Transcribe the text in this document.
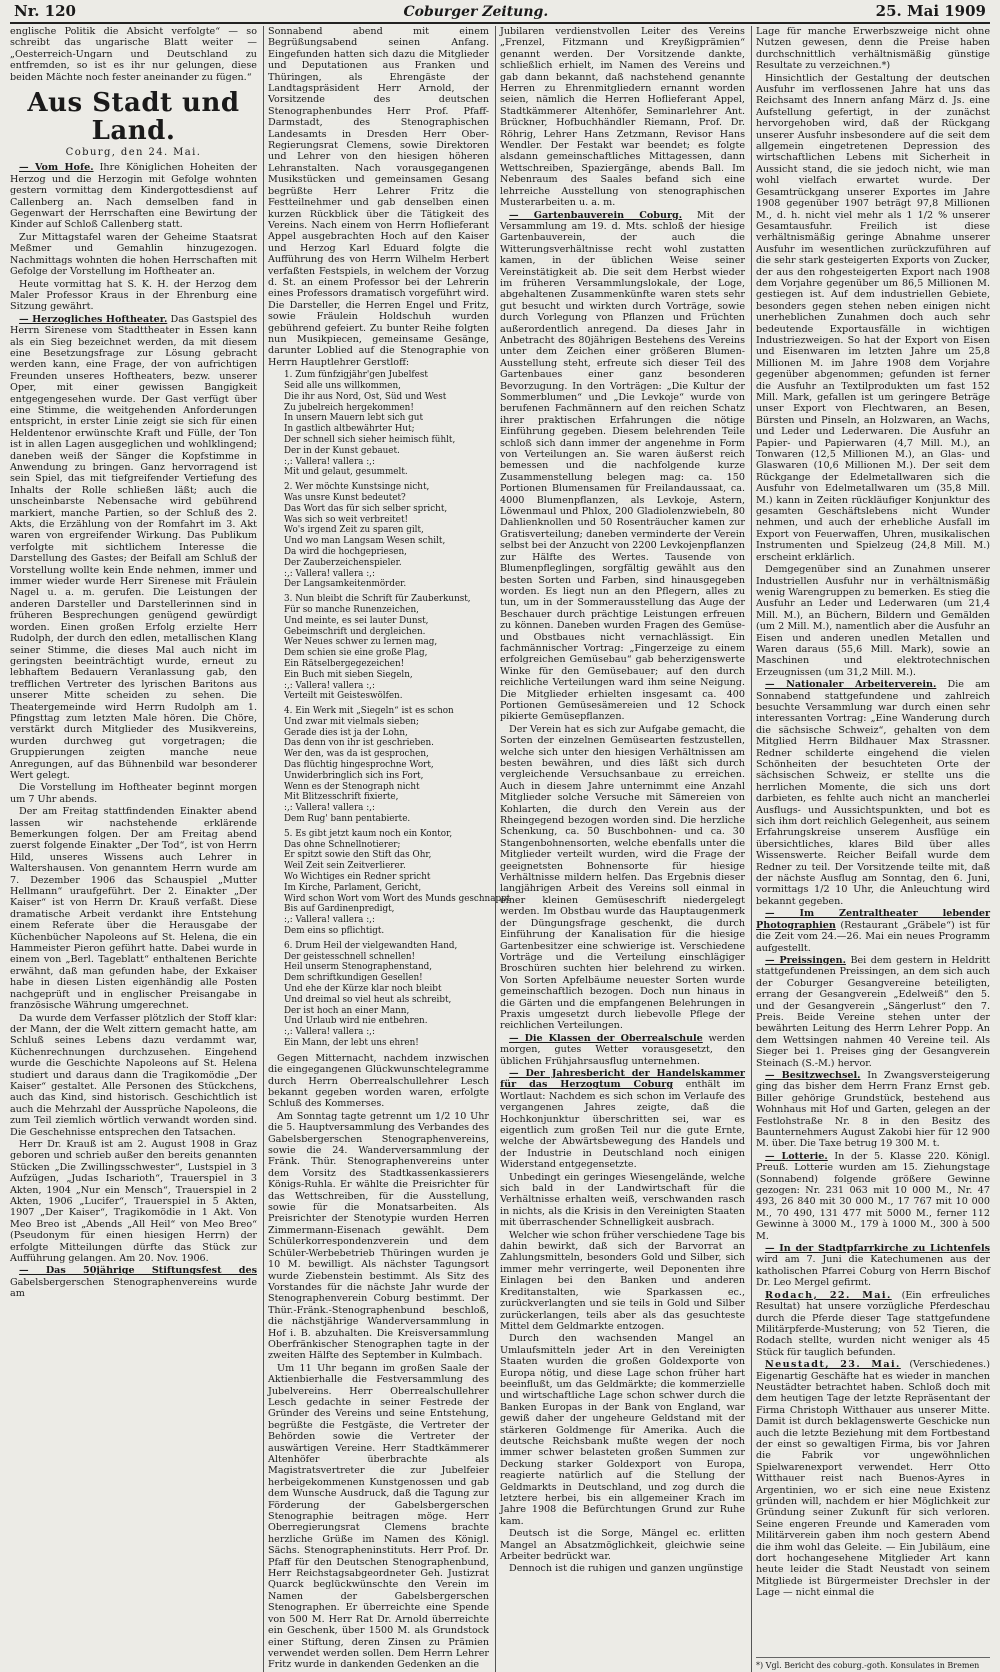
Nr. 120	Coburger Zeitung.	25. Mai 1909

englische Politik die Absicht verfolgte“ — so schreibt das ungarische Blatt weiter — „Oesterreich-Ungarn und Deutschland zu entfremden, so ist es ihr nur gelungen, diese beiden Mächte noch fester aneinander zu fügen.“

Aus Stadt und Land.
Coburg, den 24. Mai.

— Vom Hofe. Ihre Königlichen Hoheiten der Herzog und die Herzogin mit Gefolge wohnten gestern vormittag dem Kindergottesdienst auf Callenberg an. Nach demselben fand in Gegenwart der Herrschaften eine Bewirtung der Kinder auf Schloß Callenberg statt.

Zur Mittagstafel waren der Geheime Staatsrat Meßmer und Gemahlin hinzugezogen. Nachmittags wohnten die hohen Herrschaften mit Gefolge der Vorstellung im Hoftheater an.

Heute vormittag hat S. K. H. der Herzog dem Maler Professor Kraus in der Ehrenburg eine Sitzung gewährt.

— Herzogliches Hoftheater. Das Gastspiel des Herrn Sirenese vom Stadttheater in Essen kann als ein Sieg bezeichnet werden, da mit diesem eine Besetzungsfrage zur Lösung gebracht werden kann, eine Frage, der von aufrichtigen Freunden unseres Hoftheaters, bezw. unserer Oper, mit einer gewissen Bangigkeit entgegengesehen wurde. Der Gast verfügt über eine Stimme, die weitgehenden Anforderungen entspricht, in erster Linie zeigt sie sich für einen Heldentenor erwünschte Kraft und Fülle, der Ton ist in allen Lagen ausgeglichen und wohlklingend; daneben weiß der Sänger die Kopfstimme in Anwendung zu bringen. Ganz hervorragend ist sein Spiel, das mit tiefgreifender Vertiefung des Inhalts der Rolle schließen läßt; auch die unscheinbarste Nebensache wird gebührend markiert, manche Partien, so der Schluß des 2. Akts, die Erzählung von der Romfahrt im 3. Akt waren von ergreifender Wirkung. Das Publikum verfolgte mit sichtlichem Interesse die Darstellung des Gastes; der Beifall am Schluß der Vorstellung wollte kein Ende nehmen, immer und immer wieder wurde Herr Sirenese mit Fräulein Nagel u. a. m. gerufen. Die Leistungen der anderen Darsteller und Darstellerinnen sind in früheren Besprechungen genügend gewürdigt worden. Einen großen Erfolg erzielte Herr Rudolph, der durch den edlen, metallischen Klang seiner Stimme, die dieses Mal auch nicht im geringsten beeinträchtigt wurde, erneut zu lebhaftem Bedauern Veranlassung gab, den trefflichen Vertreter des lyrischen Baritons aus unserer Mitte scheiden zu sehen. Die Theatergemeinde wird Herrn Rudolph am 1. Pfingsttag zum letzten Male hören. Die Chöre, verstärkt durch Mitglieder des Musikvereins, wurden durchweg gut vorgetragen; die Gruppierungen zeigten manche neue Anregungen, auf das Bühnenbild war besonderer Wert gelegt.

Die Vorstellung im Hoftheater beginnt morgen um 7 Uhr abends.

Der am Freitag stattfindenden Einakter abend lassen wir nachstehende erklärende Bemerkungen folgen. Der am Freitag abend zuerst folgende Einakter „Der Tod“, ist von Herrn Hild, unseres Wissens auch Lehrer in Waltershausen. Von genanntem Herrn wurde am 7. Dezember 1906 das Schauspiel „Mutter Hellmann“ uraufgeführt. Der 2. Einakter „Der Kaiser“ ist von Herrn Dr. Krauß verfaßt. Diese dramatische Arbeit verdankt ihre Entstehung einem Referate über die Herausgabe der Küchenbücher Napoleons auf St. Helena, die ein Hammeister Pieron geführt hatte. Dabei wurde in einem von „Berl. Tageblatt“ enthaltenen Berichte erwähnt, daß man gefunden habe, der Exkaiser habe in diesen Listen eigenhändig alle Posten nachgeprüft und in englischer Preisangabe in französische Währung umgerechnet.

Da wurde dem Verfasser plötzlich der Stoff klar: der Mann, der die Welt zittern gemacht hatte, am Schluß seines Lebens dazu verdammt war, Küchenrechnungen durchzusehen. Eingehend wurde die Geschichte Napoleons auf St. Helena studiert und daraus dann die Tragikomödie „Der Kaiser“ gestaltet. Alle Personen des Stückchens, auch das Kind, sind historisch. Geschichtlich ist auch die Mehrzahl der Aussprüche Napoleons, die zum Teil ziemlich wörtlich verwandt worden sind. Die Geschehnisse entsprechen den Tatsachen.

Herr Dr. Krauß ist am 2. August 1908 in Graz geboren und schrieb außer den bereits genannten Stücken „Die Zwillingsschwester“, Lustspiel in 3 Aufzügen, „Judas Ischarioth“, Trauerspiel in 3 Akten, 1904 „Nur ein Mensch“, Trauerspiel in 2 Akten, 1906 „Lucifer“, Trauerspiel in 5 Akten, 1907 „Der Kaiser“, Tragikomödie in 1 Akt. Von Meo Breo ist „Abends „All Heil“ von Meo Breo“ (Pseudonym für einen hiesigen Herrn) der erfolgte Mitteilungen dürfte das Stück zur Aufführung gelangen. Am 20. Nov. 1906.

— Das 50jährige Stiftungsfest des Gabelsbergerschen Stenographenvereins wurde am

Sonnabend abend mit einem Begrüßungsabend seinen Anfang. Eingefunden hatten sich dazu die Mitglieder und Deputationen aus Franken und Thüringen, als Ehrengäste der Landtagspräsident Herr Arnold, der Vorsitzende des deutschen Stenographenbundes Herr Prof. Pfaff-Darmstadt, des Stenographischen Landesamts in Dresden Herr Ober-Regierungsrat Clemens, sowie Direktoren und Lehrer von den hiesigen höheren Lehranstalten. Nach vorausgegangenen Musikstücken und gemeinsamen Gesang begrüßte Herr Lehrer Fritz die Festteilnehmer und gab denselben einen kurzen Rückblick über die Tätigkeit des Vereins. Nach einem von Herrn Hoflieferant Appel ausgebrachten Hoch auf den Kaiser und Herzog Karl Eduard folgte die Aufführung des von Herrn Wilhelm Herbert verfaßten Festspiels, in welchem der Vorzug d. St. an einem Professor bei der Lehrerin eines Professors dramatisch vorgeführt wird. Die Darsteller, die Herren Engel und Fritz, sowie Fräulein Holdschuh wurden gebührend gefeiert. Zu bunter Reihe folgten nun Musikpiecen, gemeinsame Gesänge, darunter Loblied auf die Stenographie von Herrn Hauptlehrer Gerstloff:

1. Zum fünfzigjähr'gen Jubelfest
Seid alle uns willkommen,
Die ihr aus Nord, Ost, Süd und West
Zu jubelreich hergekommen!
In unsern Mauern lebt sich gut
In gastlich altbewährter Hut;
Der schnell sich sieher heimisch fühlt,
Der in der Kunst gebauet.
:,: Vallera! vallera :,:
Mit und gelaut, gesummelt.
2. Wer möchte Kunstsinge nicht,
Was unsre Kunst bedeutet?
Das Wort das für sich selber spricht,
Was sich so weit verbreitet!
Wo's irgend Zeit zu sparen gilt,
Und wo man Langsam Wesen schilt,
Da wird die hochgepriesen,
Der Zauberzeichenspieler.
:,: Vallera! vallera :,:
Der Langsamkeitenmörder.
3. Nun bleibt die Schrift für Zauberkunst,
Für so manche Runenzeichen,
Und meinte, es sei lauter Dunst,
Gebeimschrift und dergleichen.
Wer Neues schwer zu lernen mag,
Dem schien sie eine große Plag,
Ein Rätselbergegezeichen!
Ein Buch mit sieben Siegeln,
:,: Vallera! vallera :,:
Verteilt mit Geisteswölfen.
4. Ein Werk mit „Siegeln“ ist es schon
Und zwar mit vielmals sieben;
Gerade dies ist ja der Lohn,
Das denn von ihr ist geschrieben.
Wer den, was da ist gesprochen,
Das flüchtig hingesprochne Wort,
Unwiderbringlich sich ins Fort,
Wenn es der Stenograph nicht
Mit Blitzesschrift fixierte,
:,: Vallera! vallera :,:
Dem Rug' bann pentabierte.
5. Es gibt jetzt kaum noch ein Kontor,
Das ohne Schnellnotierer;
Er spitzt sowie den Stift das Ohr,
Weil Zeit sein Zeitverlierer.
Wo Wichtiges ein Redner spricht
Im Kirche, Parlament, Gericht,
Wird schon Wort vom Wort des Munds geschnappt
Bis auf Gardinenpredigt,
:,: Vallera! vallera :,:
Dem eins so pflichtigt.
6. Drum Heil der vielgewandten Hand,
Der geistesschnell schnellen!
Heil unserm Stenographenstand,
Dem schriftkundigen Gesellen!
Und ehe der Kürze klar noch bleibt
Und dreimal so viel heut als schreibt,
Der ist hoch an einer Mann,
Und Urlaub wird nie entbehren.
:,: Vallera! vallera :,:
Ein Mann, der lebt uns ehren!

Gegen Mitternacht, nachdem inzwischen die eingegangenen Glückwunschtelegramme durch Herrn Oberrealschullehrer Lesch bekannt gegeben worden waren, erfolgte Schluß des Kommerses.

Am Sonntag tagte getrennt um 1/2 10 Uhr die 5. Hauptversammlung des Verbandes des Gabelsbergerschen Stenographenvereins, sowie die 24. Wanderversammlung der Fränk. Thür. Stenographenvereins unter dem Vorsitz des Stadtkassenkassierers Königs-Ruhla. Er wählte die Preisrichter für das Wettschreiben, für die Ausstellung, sowie für die Monatsarbeiten. Als Preisrichter der Stenotypie wurden Herren Zimmermann-Eisenach gewählt. Dem Schülerkorrespondenzverein und dem Schüler-Werbebetrieb Thüringen wurden je 10 M. bewilligt. Als nächster Tagungsort wurde Ziebenstein bestimmt. Als Sitz des Vorstandes für die nächste Jahr wurde der Stenographenverein Coburg bestimmt. Der Thür.-Fränk.-Stenographenbund beschloß, die nächstjährige Wanderversammlung in Hof i. B. abzuhalten. Die Kreisversammlung Oberfränkischer Stenographen tagte in der zweiten Hälfte des September in Kulmbach.

Um 11 Uhr begann im großen Saale der Aktienbierhalle die Festversammlung des Jubelvereins. Herr Oberrealschullehrer Lesch gedachte in seiner Festrede der Gründer des Vereins und seine Entstehung, begrüßte die Festgäste, die Vertreter der Behörden sowie die Vertreter der auswärtigen Vereine. Herr Stadtkämmerer Altenhöfer überbrachte als Magistratsvertreter die zur Jubelfeier herbeigekommenen Kunstgenossen und gab dem Wunsche Ausdruck, daß die Tagung zur Förderung der Gabelsbergerschen Stenographie beitragen möge. Herr Oberregierungsrat Clemens brachte herzliche Grüße im Namen des Königl. Sächs. Stenographeninstituts. Herr Prof. Dr. Pfaff für den Deutschen Stenographenbund, Herr Reichstagsabgeordneter Geh. Justizrat Quarck beglückwünschte den Verein im Namen der Gabelsbergerschen Stenographen. Er überreichte eine Spende von 500 M. Herr Rat Dr. Arnold überreichte ein Geschenk, über 1500 M. als Grundstock einer Stiftung, deren Zinsen zu Prämien verwendet werden sollen. Dem Herrn Lehrer Fritz wurde in dankenden Gedenken an die

Jubilaren verdienstvollen Leiter des Vereins „Frenzel, Fitzmann und Kreyßigprämien“ genannt werden. Der Vorsitzende dankte, schließlich erhielt, im Namen des Vereins und gab dann bekannt, daß nachstehend genannte Herren zu Ehrenmitgliedern ernannt worden seien, nämlich die Herren Hoflieferant Appel, Stadtkämmerer Altenhöfer, Seminarlehrer Ant. Brückner, Hofbuchhändler Riemann, Prof. Dr. Röhrig, Lehrer Hans Zetzmann, Revisor Hans Wendler. Der Festakt war beendet; es folgte alsdann gemeinschaftliches Mittagessen, dann Wettschreiben, Spaziergänge, abends Ball. Im Nebenraum des Saales befand sich eine lehrreiche Ausstellung von stenographischen Musterarbeiten u. a. m.

— Gartenbauverein Coburg. Mit der Versammlung am 19. d. Mts. schloß der hiesige Gartenbauverein, der auch die Witterungsverhältnisse recht wohl zustatten kamen, in der üblichen Weise seiner Vereinstätigkeit ab. Die seit dem Herbst wieder im früheren Versammlungslokale, der Loge, abgehaltenen Zusammenkünfte waren stets sehr gut besucht und wirkten durch Vorträge, sowie durch Vorlegung von Pflanzen und Früchten außerordentlich anregend. Da dieses Jahr in Anbetracht des 80jährigen Bestehens des Vereins unter dem Zeichen einer größeren Blumen-Ausstellung steht, erfreute sich dieser Teil des Gartenbaues einer ganz besonderen Bevorzugung. In den Vorträgen: „Die Kultur der Sommerblumen“ und „Die Levkoje“ wurde von berufenen Fachmännern auf den reichen Schatz ihrer praktischen Erfahrungen die nötige Einführung gegeben. Diesem belehrenden Teile schloß sich dann immer der angenehme in Form von Verteilungen an. Sie waren äußerst reich bemessen und die nachfolgende kurze Zusammenstellung belegen mag: ca. 150 Portionen Blumensamen für Freilandaussaat, ca. 4000 Blumenpflanzen, als Levkoje, Astern, Löwenmaul und Phlox, 200 Gladiolenzwiebeln, 80 Dahlienknollen und 50 Rosenträucher kamen zur Gratisverteilung; daneben verminderte der Verein selbst bei der Anzucht von 2200 Levkojenpflanzen zur Hälfte des Wertes. Tausende von Blumenpfleglingen, sorgfältig gewählt aus den besten Sorten und Farben, sind hinausgegeben worden. Es liegt nun an den Pflegern, alles zu tun, um in der Sommerausstellung das Auge der Beschauer durch prächtige Leistungen erfreuen zu können. Daneben wurden Fragen des Gemüse- und Obstbaues nicht vernachlässigt. Ein fachmännischer Vortrag: „Fingerzeige zu einem erfolgreichen Gemüsebau“ gab beherzigenswerte Winke für den Gemüsebauer; auf den durch reichliche Verteilungen ward ihm seine Neigung. Die Mitglieder erhielten insgesamt ca. 400 Portionen Gemüsesämereien und 12 Schock pikierte Gemüsepflanzen.

Der Verein hat es sich zur Aufgabe gemacht, die Sorten der einzelnen Gemüsearten festzustellen, welche sich unter den hiesigen Verhältnissen am besten bewähren, und dies läßt sich durch vergleichende Versuchsanbaue zu erreichen. Auch in diesem Jahre unternimmt eine Anzahl Mitglieder solche Versuche mit Sämereien von Kohlarten, die durch den Verein aus der Rheingegend bezogen worden sind. Die herzliche Schenkung, ca. 50 Buschbohnen- und ca. 30 Stangenbohnensorten, welche ebenfalls unter die Mitglieder verteilt wurden, wird die Frage der geeignetsten Bohnensorte für hiesige Verhältnisse mildern helfen. Das Ergebnis dieser langjährigen Arbeit des Vereins soll einmal in einer kleinen Gemüseschrift niedergelegt werden. Im Obstbau wurde das Hauptaugenmerk der Düngungsfrage geschenkt, die durch Einführung der Kanalisation für die hiesige Gartenbesitzer eine schwierige ist. Verschiedene Vorträge und die Verteilung einschlägiger Broschüren suchten hier belehrend zu wirken. Von Sorten Apfelbäume neuester Sorten wurde gemeinschaftlich bezogen. Doch nun hinaus in die Gärten und die empfangenen Belehrungen in Praxis umgesetzt durch liebevolle Pflege der reichlichen Verteilungen.

— Die Klassen der Oberrealschule werden morgen, gutes Wetter vorausgesetzt, den üblichen Frühjahrsausflug unternehmen.

— Der Jahresbericht der Handelskammer für das Herzogtum Coburg enthält im Wortlaut: Nachdem es sich schon im Verlaufe des vergangenen Jahres zeigte, daß die Hochkonjunktur überschritten sei, war es eigentlich zum großen Teil nur die gute Ernte, welche der Abwärtsbewegung des Handels und der Industrie in Deutschland noch einigen Widerstand entgegensetzte.

Unbedingt ein geringes Wiesengelände, welche sich bald in der Landwirtschaft für die Verhältnisse erhalten weiß, verschwanden rasch in nichts, als die Krisis in den Vereinigten Staaten mit überraschender Schnelligkeit ausbrach.

Welcher wie schon früher verschiedene Tage bis dahin bewirkt, daß sich der Barvorrat an Zahlungsmitteln, besonders Gold und Silber, sich immer mehr verringerte, weil Deponenten ihre Einlagen bei den Banken und anderen Kreditanstalten, wie Sparkassen ec., zurückverlangten und sie teils in Gold und Silber zurückerlangen, teils aber als das gesuchteste Mittel dem Geldmarkte entzogen.

Durch den wachsenden Mangel an Umlaufsmitteln jeder Art in den Vereinigten Staaten wurden die großen Goldexporte von Europa nötig, und diese Lage schon früher hart beeinflußt, um das Geldmärkte; die kommerzielle und wirtschaftliche Lage schon schwer durch die Banken Europas in der Bank von England, war gewiß daher der ungeheure Geldstand mit der stärkeren Goldmenge für Amerika. Auch die deutsche Reichsbank mußte wegen der noch immer schwer belasteten großen Summen zur Deckung starker Goldexport von Europa, reagierte natürlich auf die Stellung der Geldmarkts in Deutschland, und zog durch die letztere herbei, bis ein allgemeiner Krach im Jahre 1908 die Befürchtungen Grund zur Ruhe kam.

Deutsch ist die Sorge, Mängel ec. erlitten Mangel an Absatzmöglichkeit, gleichwie seine Arbeiter bedrückt war.

Dennoch ist die ruhigen und ganzen ungünstige

Lage für manche Erwerbszweige nicht ohne Nutzen gewesen, denn die Preise haben durchschnittlich verhältnismäßig günstige Resultate zu verzeichnen.*)

Hinsichtlich der Gestaltung der deutschen Ausfuhr im verflossenen Jahre hat uns das Reichsamt des Innern anfang März d. Js. eine Aufstellung gefertigt, in der zunächst hervorgehoben wird, daß der Rückgang unserer Ausfuhr insbesondere auf die seit dem allgemein eingetretenen Depression des wirtschaftlichen Lebens mit Sicherheit in Aussicht stand, die sie jedoch nicht, wie man wohl vielfach erwartet wurde. Der Gesamtrückgang unserer Exportes im Jahre 1908 gegenüber 1907 beträgt 97,8 Millionen M., d. h. nicht viel mehr als 1 1/2 % unserer Gesamtausfuhr. Freilich ist diese verhältnismäßig geringe Abnahme unserer Ausfuhr im wesentlichen zurückzuführen auf die sehr stark gesteigerten Exports von Zucker, der aus den rohgesteigerten Export nach 1908 dem Vorjahre gegenüber um 86,5 Millionen M. gestiegen ist. Auf dem industriellen Gebiete, besonders gegen stehen neben einigen nicht unerheblichen Zunahmen doch auch sehr bedeutende Exportausfälle in wichtigen Industriezweigen. So hat der Export von Eisen und Eisenwaren im letzten Jahre um 25,8 Millionen M. im Jahre 1908 dem Vorjahre gegenüber abgenommen; gefunden ist ferner die Ausfuhr an Textilprodukten um fast 152 Mill. Mark, gefallen ist um geringere Beträge unser Export von Flechtwaren, an Besen, Bürsten und Pinseln, an Holzwaren, an Wachs, und Leder und Lederwaren. Die Ausfuhr an Papier- und Papierwaren (4,7 Mill. M.), an Tonwaren (12,5 Millionen M.), an Glas- und Glaswaren (10,6 Millionen M.). Der seit dem Rückgange der Edelmetallwaren sich die Ausfuhr von Edelmetallwaren um (35,8 Mill. M.) kann in Zeiten rückläufiger Konjunktur des gesamten Geschäftslebens nicht Wunder nehmen, und auch der erhebliche Ausfall im Export von Feuerwaffen, Uhren, musikalischen Instrumenten und Spielzeug (24,8 Mill. M.) erscheint erklärlich.

Demgegenüber sind an Zunahmen unserer Industriellen Ausfuhr nur in verhältnismäßig wenig Warengruppen zu bemerken. Es stieg die Ausfuhr an Leder und Lederwaren (um 21,4 Mill. M.), an Büchern, Bildern und Gemälden (um 2 Mill. M.), namentlich aber die Ausfuhr an Eisen und anderen unedlen Metallen und Waren daraus (55,6 Mill. Mark), sowie an Maschinen und elektrotechnischen Erzeugnissen (um 31,2 Mill. M.).

— Nationaler Arbeiterverein. Die am Sonnabend stattgefundene und zahlreich besuchte Versammlung war durch einen sehr interessanten Vortrag: „Eine Wanderung durch die sächsische Schweiz“, gehalten von dem Mitglied Herrn Bildhauer Max Strassner. Redner schilderte eingehend die vielen Schönheiten der besuchteten Orte der sächsischen Schweiz, er stellte uns die herrlichen Momente, die sich uns dort darbieten, es fehlte auch nicht an mancherlei Ausflugs- und Aussichtspunkten, und bot es sich ihm dort reichlich Gelegenheit, aus seinem Erfahrungskreise unserem Ausflüge ein übersichtliches, klares Bild über alles Wissenswerte. Reicher Beifall wurde dem Redner zu teil. Der Vorsitzende teilte mit, daß der nächste Ausflug am Sonntag, den 6. Juni, vormittags 1/2 10 Uhr, die Anleuchtung wird bekannt gegeben.

— Im Zentraltheater lebender Photographien (Restaurant „Gräbele“) ist für die Zeit vom 24.—26. Mai ein neues Programm aufgestellt.

— Preissingen. Bei dem gestern in Heldritt stattgefundenen Preissingen, an dem sich auch der Coburger Gesangvereine beteiligten, errang der Gesangverein „Edelweiß“ den 5. und der Gesangverein „Sängerlust“ den 7. Preis. Beide Vereine stehen unter der bewährten Leitung des Herrn Lehrer Popp. An dem Wettsingen nahmen 40 Vereine teil. Als Sieger bei 1. Preises ging der Gesangverein Steinach (S.-M.) hervor.

— Besitzwechsel. In Zwangsversteigerung ging das bisher dem Herrn Franz Ernst geb. Biller gehörige Grundstück, bestehend aus Wohnhaus mit Hof und Garten, gelegen an der Festlohstraße Nr. 8 in den Besitz des Baunternehmers August Zakobi hier für 12 900 M. über. Die Taxe betrug 19 300 M. t.

— Lotterie. In der 5. Klasse 220. Königl. Preuß. Lotterie wurden am 15. Ziehungstage (Sonnabend) folgende größere Gewinne gezogen: Nr. 231 063 mit 10 000 M., Nr. 47 493, 26 840 mit 30 000 M., 17 767 mit 10 000 M., 70 490, 131 477 mit 5000 M., ferner 112 Gewinne à 3000 M., 179 à 1000 M., 300 à 500 M.

— In der Stadtpfarrkirche zu Lichtenfels wird am 7. Juni die Katechumenen aus der katholischen Pfarrei Coburg von Herrn Bischof Dr. Leo Mergel gefirmt.

Rodach, 22. Mai. (Ein erfreuliches Resultat) hat unsere vorzügliche Pferdeschau durch die Pferde dieser Tage stattgefundene Militärpferde-Musterung; von 52 Tieren, die Rodach stellte, wurden nicht weniger als 45 Stück für tauglich befunden.

Neustadt, 23. Mai. (Verschiedenes.) Eigenartig Geschäfte hat es wieder in manchen Neustädter betrachtet haben. Schloß doch mit dem heutigen Tage der letzte Repräsentant der Firma Christoph Witthauer aus unserer Mitte. Damit ist durch beklagenswerte Geschicke nun auch die letzte Beziehung mit dem Fortbestand der einst so gewaltigen Firma, bis vor Jahren die Fabrik vor ungewöhnlichen Spielwarenexport verwendet. Herr Otto Witthauer reist nach Buenos-Ayres in Argentinien, wo er sich eine neue Existenz gründen will, nachdem er hier Möglichkeit zur Gründung seiner Zukunft für sich verloren. Seine engeren Freunde und Kameraden vom Militärverein gaben ihm noch gestern Abend die ihm wohl das Geleite. — Ein Jubiläum, eine dort hochangesehene Mitglieder Art kann heute leider die Stadt Neustadt von seinem Mitgliede ist Bürgermeister Drechsler in der Lage — nicht einmal die

*) Vgl. Bericht des coburg.-goth. Konsulates in Bremen
